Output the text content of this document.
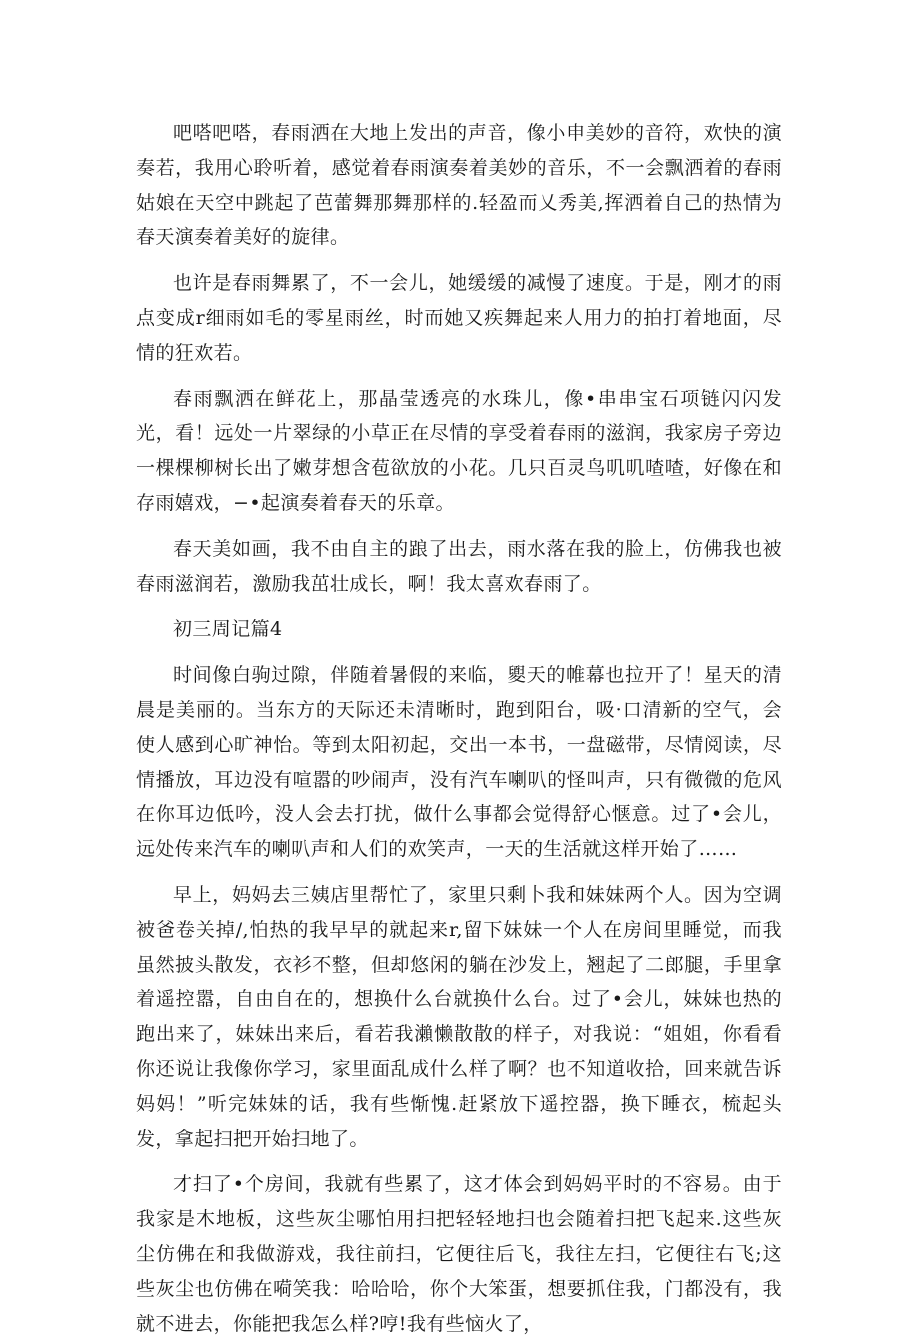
吧嗒吧嗒，春雨洒在大地上发出的声音，像小申美妙的音符，欢快的演奏若，我用心聆听着，感觉着春雨演奏着美妙的音乐，不一会飘洒着的春雨姑娘在天空中跳起了芭蕾舞那舞那样的.轻盈而乂秀美,挥洒着自己的热情为春天演奏着美好的旋律。

也许是春雨舞累了，不一会儿，她缓缓的减慢了速度。于是，刚才的雨点变成r细雨如毛的零星雨丝，时而她又疾舞起来人用力的拍打着地面，尽情的狂欢若。

春雨飘洒在鲜花上，那晶莹透亮的水珠儿，像•串串宝石项链闪闪发光，看！远处一片翠绿的小草正在尽情的享受着春雨的滋润，我家房子旁边一棵棵柳树长出了嫩芽想含苞欲放的小花。几只百灵鸟叽叽喳喳，好像在和存雨嬉戏，−•起演奏着春天的乐章。

春天美如画，我不由自主的踉了出去，雨水落在我的脸上，仿佛我也被春雨滋润若，激励我茁壮成长，啊！我太喜欢春雨了。

初三周记篇4

时间像白驹过隙，伴随着暑假的来临，夓天的帷幕也拉开了！星天的清晨是美丽的。当东方的天际还未清晰时，跑到阳台，吸·口清新的空气，会使人感到心旷神怡。等到太阳初起，交出一本书，一盘磁带，尽情阅读，尽情播放，耳边没有喧嚣的吵闹声，没有汽车喇叭的怪叫声，只有微微的危风在你耳边低吟，没人会去打扰，做什么事都会觉得舒心惬意。过了•会儿，远处传来汽车的喇叭声和人们的欢笑声，一天的生活就这样开始了……

早上，妈妈去三姨店里帮忙了，家里只剩卜我和妹妹两个人。因为空调被爸卷关掉/,怕热的我早早的就起来r,留下妹妹一个人在房间里睡觉，而我虽然披头散发，衣衫不整，但却悠闲的躺在沙发上，翘起了二郎腿，手里拿着遥控嚣，自由自在的，想换什么台就换什么台。过了•会儿，妹妹也热的跑出来了，妹妹出来后，看若我瀨懒散散的样子，对我说：“姐姐，你看看你还说让我像你学习，家里面乱成什么样了啊？也不知道收拾，回来就告诉妈妈！”听完妹妹的话，我有些惭愧.赶紧放下遥控器，换下睡衣，梳起头发，拿起扫把开始扫地了。

才扫了•个房间，我就有些累了，这才体会到妈妈平时的不容易。由于我家是木地板，这些灰尘哪怕用扫把轻轻地扫也会随着扫把飞起来.这些灰尘仿佛在和我做游戏，我往前扫，它便往后飞，我往左扫，它便往右飞;这些灰尘也仿佛在嗬笑我：哈哈哈，你个大笨蛋，想要抓住我，门都没有，我就不进去，你能把我怎么样?哼!我有些恼火了，
